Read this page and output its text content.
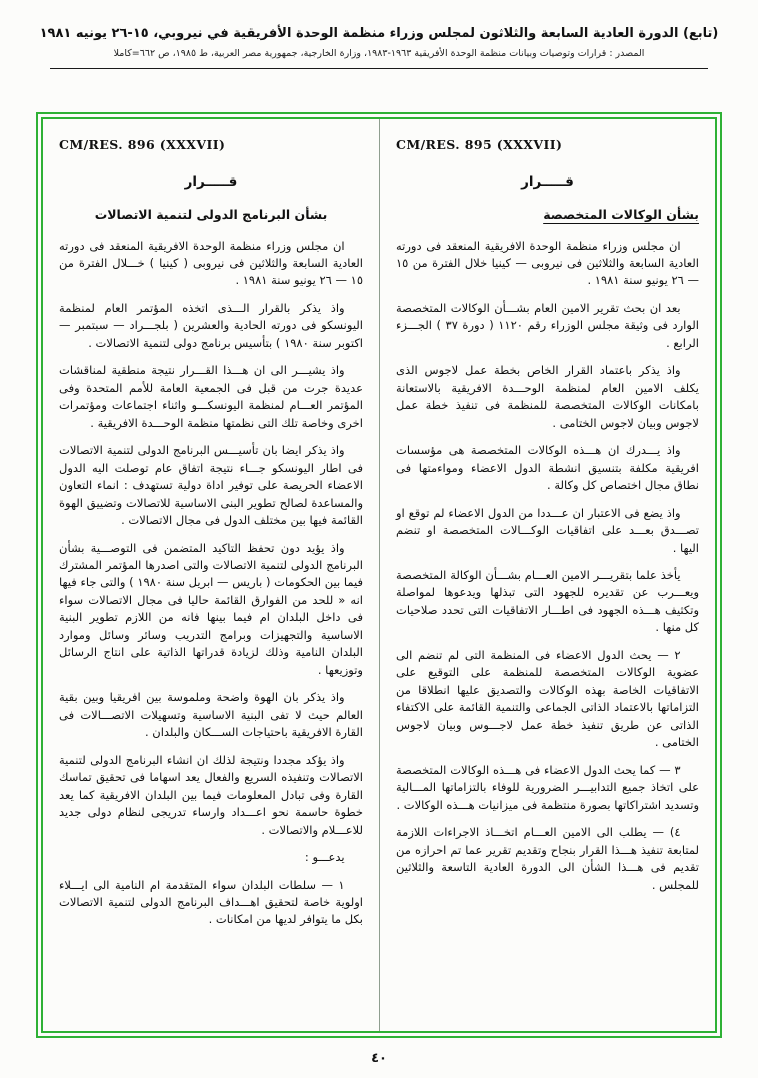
(تابع) الدورة العادية السابعة والثلاثون لمجلس وزراء منظمة الوحدة الأفريقية في نيروبي، ١٥-٢٦ يونيه ١٩٨١
المصدر : قرارات وتوصيات وبيانات منظمة الوحدة الأفريقية ١٩٦٣-١٩٨٣، وزارة الخارجية، جمهورية مصر العربية، ط ١٩٨٥، ص ٦٦٢=كاملا
CM/RES. 895 (XXXVII)
قـــــرار
بشأن الوكالات المتخصصة

ان مجلس وزراء منظمة الوحدة الافريقية المنعقد فى دورته العادية السابعة والثلاثين فى نيروبى — كينيا خلال الفترة من ١٥ — ٢٦ يونيو سنة ١٩٨١ .

بعد ان بحث تقرير الامين العام بشـــأن الوكالات المتخصصة الوارد فى وثيقة مجلس الوزراء رقم ١١٢٠ ( دورة ٣٧ ) الجـــزء الرابع .

واذ يذكر باعتماد القرار الخاص بخطة عمل لاجوس الذى يكلف الامين العام لمنظمة الوحـــدة الافريقية بالاستعانة بامكانات الوكالات المتخصصة للمنظمة فى تنفيذ خطة عمل لاجوس وبيان لاجوس الختامى .

واذ يـــدرك ان هـــذه الوكالات المتخصصة هى مؤسسات افريقية مكلفة بتنسيق انشطة الدول الاعضاء ومواءمتها فى نطاق مجال اختصاص كل وكالة .

واذ يضع فى الاعتبار ان عـــددا من الدول الاعضاء لم توقع او تصـــدق بعـــد على اتفاقيات الوكـــالات المتخصصة او تنضم اليها .

يأخذ علما بتقريـــر الامين العـــام بشـــأن الوكالة المتخصصة ويعـــرب عن تقديره للجهود التى تبذلها ويدعوها لمواصلة وتكثيف هـــذه الجهود فى اطـــار الاتفاقيات التى تحدد صلاحيات كل منها .

٢ — يحث الدول الاعضاء فى المنظمة التى لم تنضم الى عضوية الوكالات المتخصصة للمنظمة على التوقيع على الاتفاقيات الخاصة بهذه الوكالات والتصديق عليها انطلاقا من التزاماتها بالاعتماد الذاتى الجماعى والتنمية القائمة على الاكتفاء الذاتى عن طريق تنفيذ خطة عمل لاجـــوس وبيان لاجوس الختامى .

٣ — كما يحث الدول الاعضاء فى هـــذه الوكالات المتخصصة على اتخاذ جميع التدابيـــر الضرورية للوفاء بالتزاماتها المـــالية وتسديد اشتراكاتها بصورة منتظمة فى ميزانيات هـــذه الوكالات .

٤) — يطلب الى الامين العـــام اتخـــاذ الاجراءات اللازمة لمتابعة تنفيذ هـــذا القرار بنجاح وتقديم تقرير عما تم احرازه من تقديم فى هـــذا الشأن الى الدورة العادية التاسعة والثلاثين للمجلس .

CM/RES. 896 (XXXVII)
قـــــرار
بشأن البرنامج الدولى لتنمية الاتصالات

ان مجلس وزراء منظمة الوحدة الافريقية المنعقد فى دورته العادية السابعة والثلاثين فى نيروبى ( كينيا ) خـــلال الفترة من ١٥ — ٢٦ يونيو سنة ١٩٨١ .

واذ يذكر بالقرار الـــذى اتخذه المؤتمر العام لمنظمة اليونسكو فى دورته الحادية والعشرين ( بلجـــراد — سبتمبر — اكتوبر سنة ١٩٨٠ ) بتأسيس برنامج دولى لتنمية الاتصالات .

واذ يشيـــر الى ان هـــذا القـــرار نتيجة منطقية لمناقشات عديدة جرت من قبل فى الجمعية العامة للأمم المتحدة وفى المؤتمر العـــام لمنظمة اليونسكـــو واثناء اجتماعات ومؤتمرات اخرى وخاصة تلك التى نظمتها منظمة الوحـــدة الافريقية .

واذ يذكر ايضا بان تأسيـــس البرنامج الدولى لتنمية الاتصالات فى اطار اليونسكو جـــاء نتيجة اتفاق عام توصلت اليه الدول الاعضاء الحريصة على توفير اداة دولية تستهدف : انماء التعاون والمساعدة لصالح تطوير البنى الاساسية للاتصالات وتضييق الهوة القائمة فيها بين مختلف الدول فى مجال الاتصالات .

واذ يؤيد دون تحفظ التاكيد المتضمن فى التوصـــية بشأن البرنامج الدولى لتنمية الاتصالات والتى اصدرها المؤتمر المشترك فيما بين الحكومات ( باريس — ابريل سنة ١٩٨٠ ) والتى جاء فيها انه « للحد من الفوارق القائمة حاليا فى مجال الاتصالات سواء فى داخل البلدان ام فيما بينها فانه من اللازم تطوير البنية الاساسية والتجهيزات وبرامج التدريب وسائر وسائل وموارد البلدان النامية وذلك لزيادة قدراتها الذاتية على انتاج الرسائل وتوزيعها .

واذ يذكر بان الهوة واضحة وملموسة بين افريقيا وبين بقية العالم حيث لا تفى البنية الاساسية وتسهيلات الاتصـــالات فى القارة الافريقية باحتياجات الســـكان والبلدان .

واذ يؤكد مجددا ونتيجة لذلك ان انشاء البرنامج الدولى لتنمية الاتصالات وتنفيذه السريع والفعال يعد اسهاما فى تحقيق تماسك القارة وفى تبادل المعلومات فيما بين البلدان الافريقية كما يعد خطوة حاسمة نحو اعـــداد وارساء تدريجى لنظام دولى جديد للاعـــلام والاتصالات .

يدعـــو :

١ — سلطات البلدان سواء المتقدمة ام النامية الى ايـــلاء اولوية خاصة لتحقيق اهـــداف البرنامج الدولى لتنمية الاتصالات بكل ما يتوافر لديها من امكانات .

٤٠
